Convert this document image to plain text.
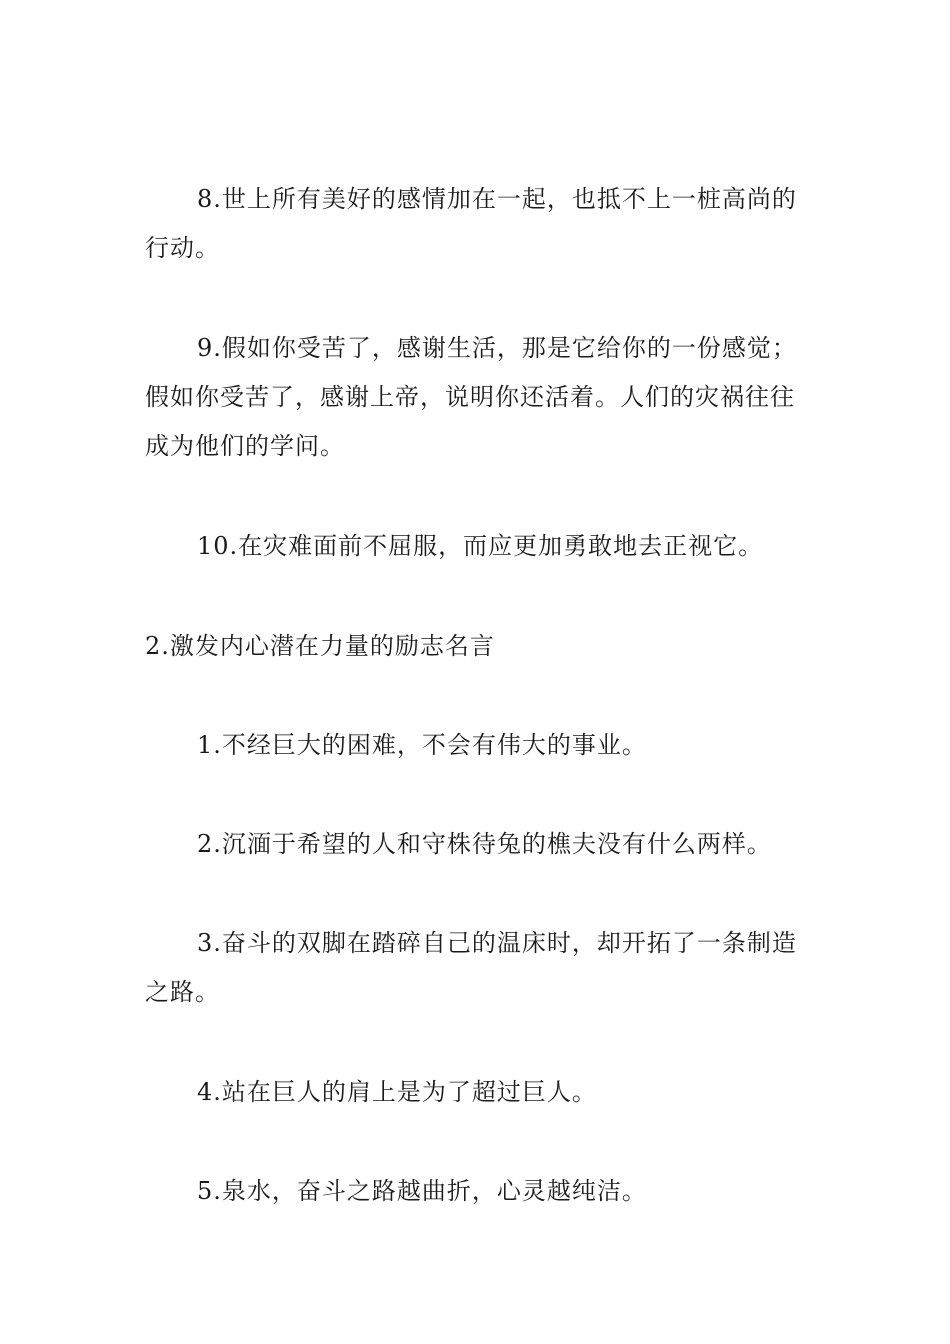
8.世上所有美好的感情加在一起，也抵不上一桩高尚的行动。

9.假如你受苦了，感谢生活，那是它给你的一份感觉；假如你受苦了，感谢上帝，说明你还活着。人们的灾祸往往成为他们的学问。

10.在灾难面前不屈服，而应更加勇敢地去正视它。

2.激发内心潜在力量的励志名言

1.不经巨大的困难，不会有伟大的事业。

2.沉湎于希望的人和守株待兔的樵夫没有什么两样。

3.奋斗的双脚在踏碎自己的温床时，却开拓了一条制造之路。

4.站在巨人的肩上是为了超过巨人。

5.泉水，奋斗之路越曲折，心灵越纯洁。
